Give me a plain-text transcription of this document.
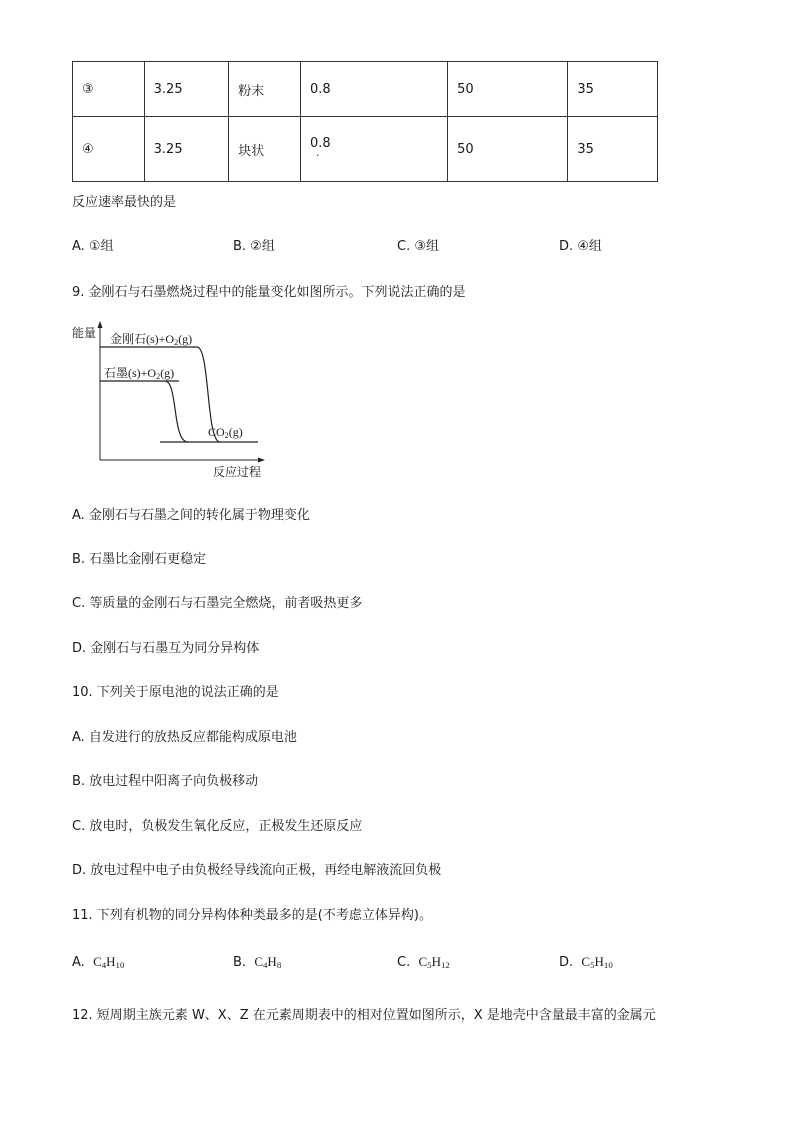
③	3.25	粉末	0.8	50	35
④	3.25	块状	0.8 .	50	35
反应速率最快的是
A. ①组	B. ②组	C. ③组	D. ④组
9. 金刚石与石墨燃烧过程中的能量变化如图所示。下列说法正确的是
能量 金刚石$(s)+O_2(g)$
石墨$(s)+O_2(g)$
$CO_2(g)$
反应过程
A. 金刚石与石墨之间的转化属于物理变化
B. 石墨比金刚石更稳定
C. 等质量的金刚石与石墨完全燃烧，前者吸热更多
D. 金刚石与石墨互为同分异构体
10. 下列关于原电池的说法正确的是
A. 自发进行的放热反应都能构成原电池
B. 放电过程中阳离子向负极移动
C. 放电时，负极发生氧化反应，正极发生还原反应
D. 放电过程中电子由负极经导线流向正极，再经电解液流回负极
11. 下列有机物的同分异构体种类最多的是(不考虑立体异构)。
A. $C_4H_{10}$	B. $C_4H_8$	C. $C_5H_{12}$	D. $C_5H_{10}$
12. 短周期主族元素 W、X、Z 在元素周期表中的相对位置如图所示，X 是地壳中含量最丰富的金属元
